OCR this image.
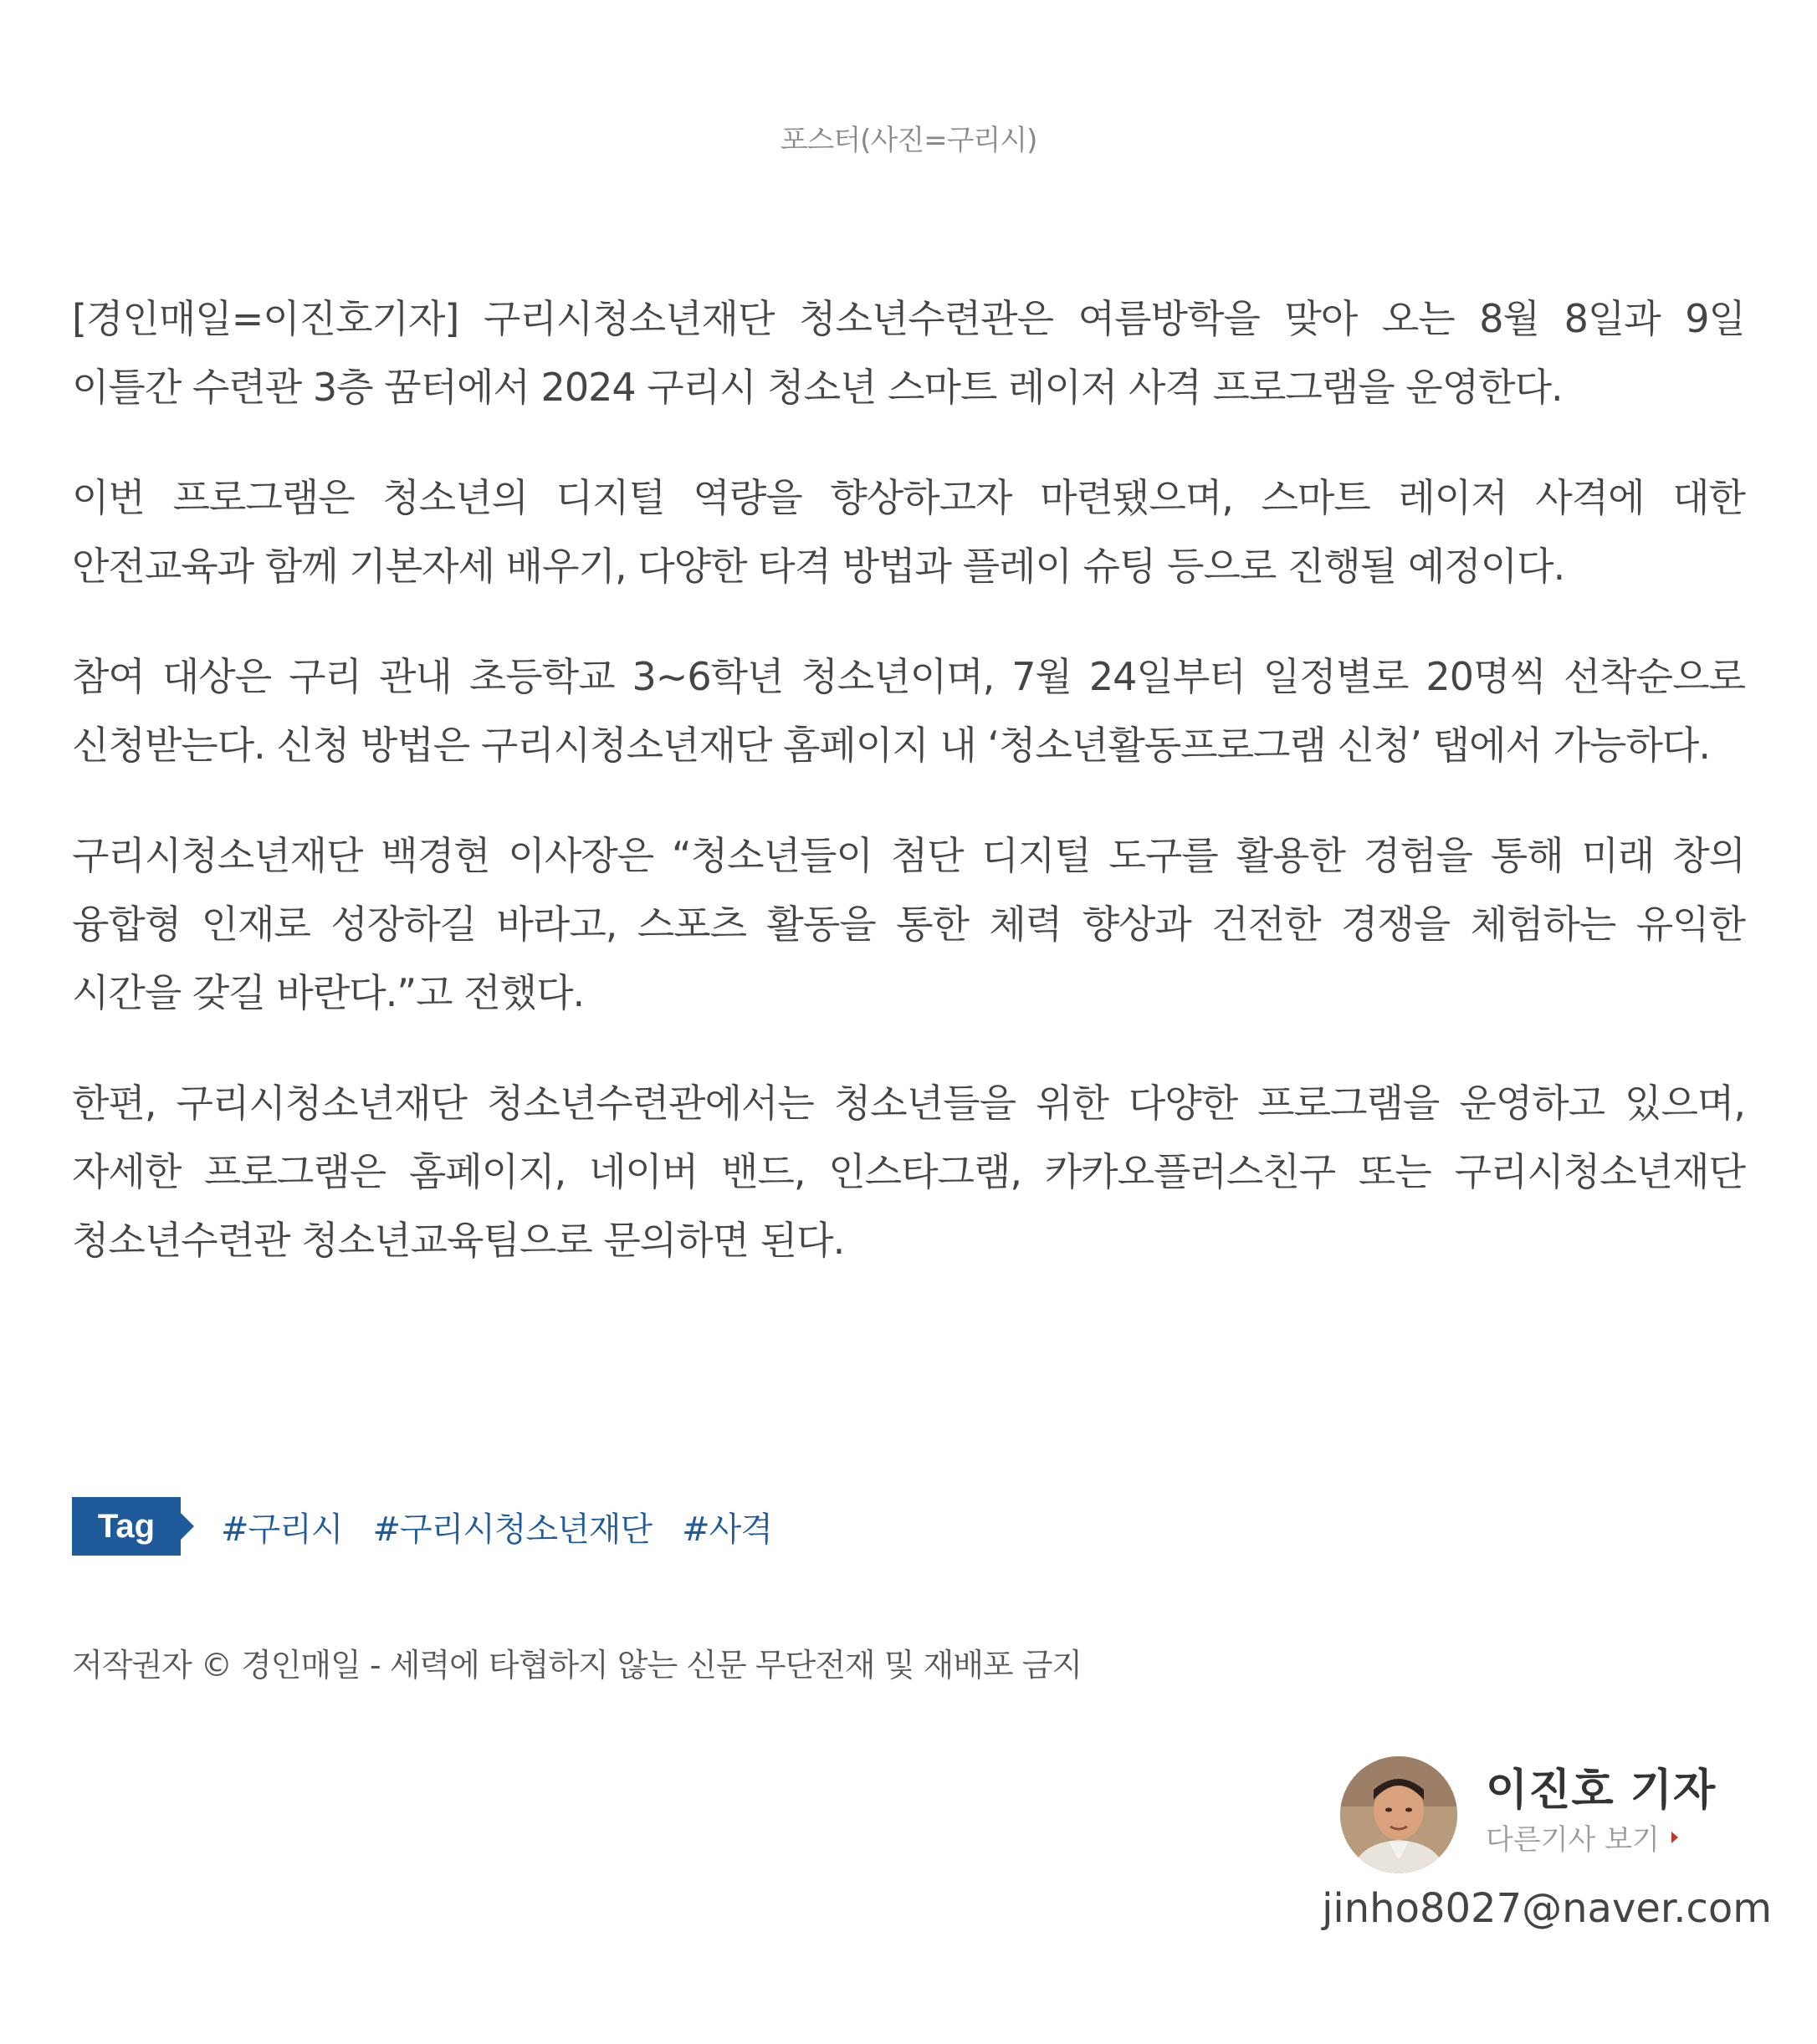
포스터(사진=구리시)

[경인매일=이진호기자] 구리시청소년재단 청소년수련관은 여름방학을 맞아 오는 8월 8일과 9일 이틀간 수련관 3층 꿈터에서 2024 구리시 청소년 스마트 레이저 사격 프로그램을 운영한다.

이번 프로그램은 청소년의 디지털 역량을 향상하고자 마련됐으며, 스마트 레이저 사격에 대한 안전교육과 함께 기본자세 배우기, 다양한 타격 방법과 플레이 슈팅 등으로 진행될 예정이다.

참여 대상은 구리 관내 초등학교 3~6학년 청소년이며, 7월 24일부터 일정별로 20명씩 선착순으로 신청받는다. 신청 방법은 구리시청소년재단 홈페이지 내 ‘청소년활동프로그램 신청’ 탭에서 가능하다.

구리시청소년재단 백경현 이사장은 “청소년들이 첨단 디지털 도구를 활용한 경험을 통해 미래 창의 융합형 인재로 성장하길 바라고, 스포츠 활동을 통한 체력 향상과 건전한 경쟁을 체험하는 유익한 시간을 갖길 바란다.”고 전했다.

한편, 구리시청소년재단 청소년수련관에서는 청소년들을 위한 다양한 프로그램을 운영하고 있으며, 자세한 프로그램은 홈페이지, 네이버 밴드, 인스타그램, 카카오플러스친구 또는 구리시청소년재단 청소년수련관 청소년교육팀으로 문의하면 된다.

Tag	#구리시 #구리시청소년재단 #사격
저작권자 © 경인매일 - 세력에 타협하지 않는 신문 무단전재 및 재배포 금지
이진호 기자
다른기사 보기
jinho8027@naver.com
